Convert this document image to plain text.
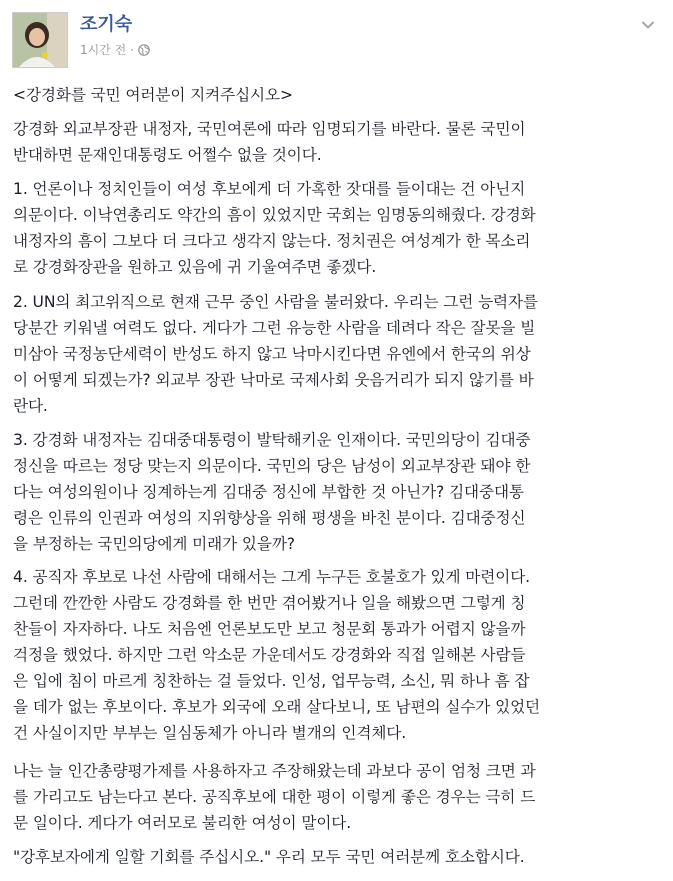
조기숙
1시간 전 ·

<강경화를 국민 여러분이 지켜주십시오>

강경화 외교부장관 내정자, 국민여론에 따라 임명되기를 바란다. 물론 국민이
반대하면 문재인대통령도 어쩔수 없을 것이다.

1. 언론이나 정치인들이 여성 후보에게 더 가혹한 잣대를 들이대는 건 아닌지
의문이다. 이낙연총리도 약간의 흠이 있었지만 국회는 임명동의해줬다. 강경화
내정자의 흠이 그보다 더 크다고 생각지 않는다. 정치권은 여성계가 한 목소리
로 강경화장관을 원하고 있음에 귀 기울여주면 좋겠다.

2. UN의 최고위직으로 현재 근무 중인 사람을 불러왔다. 우리는 그런 능력자를
당분간 키워낼 여력도 없다. 게다가 그런 유능한 사람을 데려다 작은 잘못을 빌
미삼아 국정농단세력이 반성도 하지 않고 낙마시킨다면 유엔에서 한국의 위상
이 어떻게 되겠는가? 외교부 장관 낙마로 국제사회 웃음거리가 되지 않기를 바
란다.

3. 강경화 내정자는 김대중대통령이 발탁해키운 인재이다. 국민의당이 김대중
정신을 따르는 정당 맞는지 의문이다. 국민의 당은 남성이 외교부장관 돼야 한
다는 여성의원이나 징계하는게 김대중 정신에 부합한 것 아닌가? 김대중대통
령은 인류의 인권과 여성의 지위향상을 위해 평생을 바친 분이다. 김대중정신
을 부정하는 국민의당에게 미래가 있을까?

4. 공직자 후보로 나선 사람에 대해서는 그게 누구든 호불호가 있게 마련이다.
그런데 깐깐한 사람도 강경화를 한 번만 겪어봤거나 일을 해봤으면 그렇게 칭
찬들이 자자하다. 나도 처음엔 언론보도만 보고 청문회 통과가 어렵지 않을까
걱정을 했었다. 하지만 그런 악소문 가운데서도 강경화와 직접 일해본 사람들
은 입에 침이 마르게 칭찬하는 걸 들었다. 인성, 업무능력, 소신, 뭐 하나 흠 잡
을 데가 없는 후보이다. 후보가 외국에 오래 살다보니, 또 남편의 실수가 있었던
건 사실이지만 부부는 일심동체가 아니라 별개의 인격체다.

나는 늘 인간총량평가제를 사용하자고 주장해왔는데 과보다 공이 엄청 크면 과
를 가리고도 남는다고 본다. 공직후보에 대한 평이 이렇게 좋은 경우는 극히 드
문 일이다. 게다가 여러모로 불리한 여성이 말이다.

"강후보자에게 일할 기회를 주십시오." 우리 모두 국민 여러분께 호소합시다.
